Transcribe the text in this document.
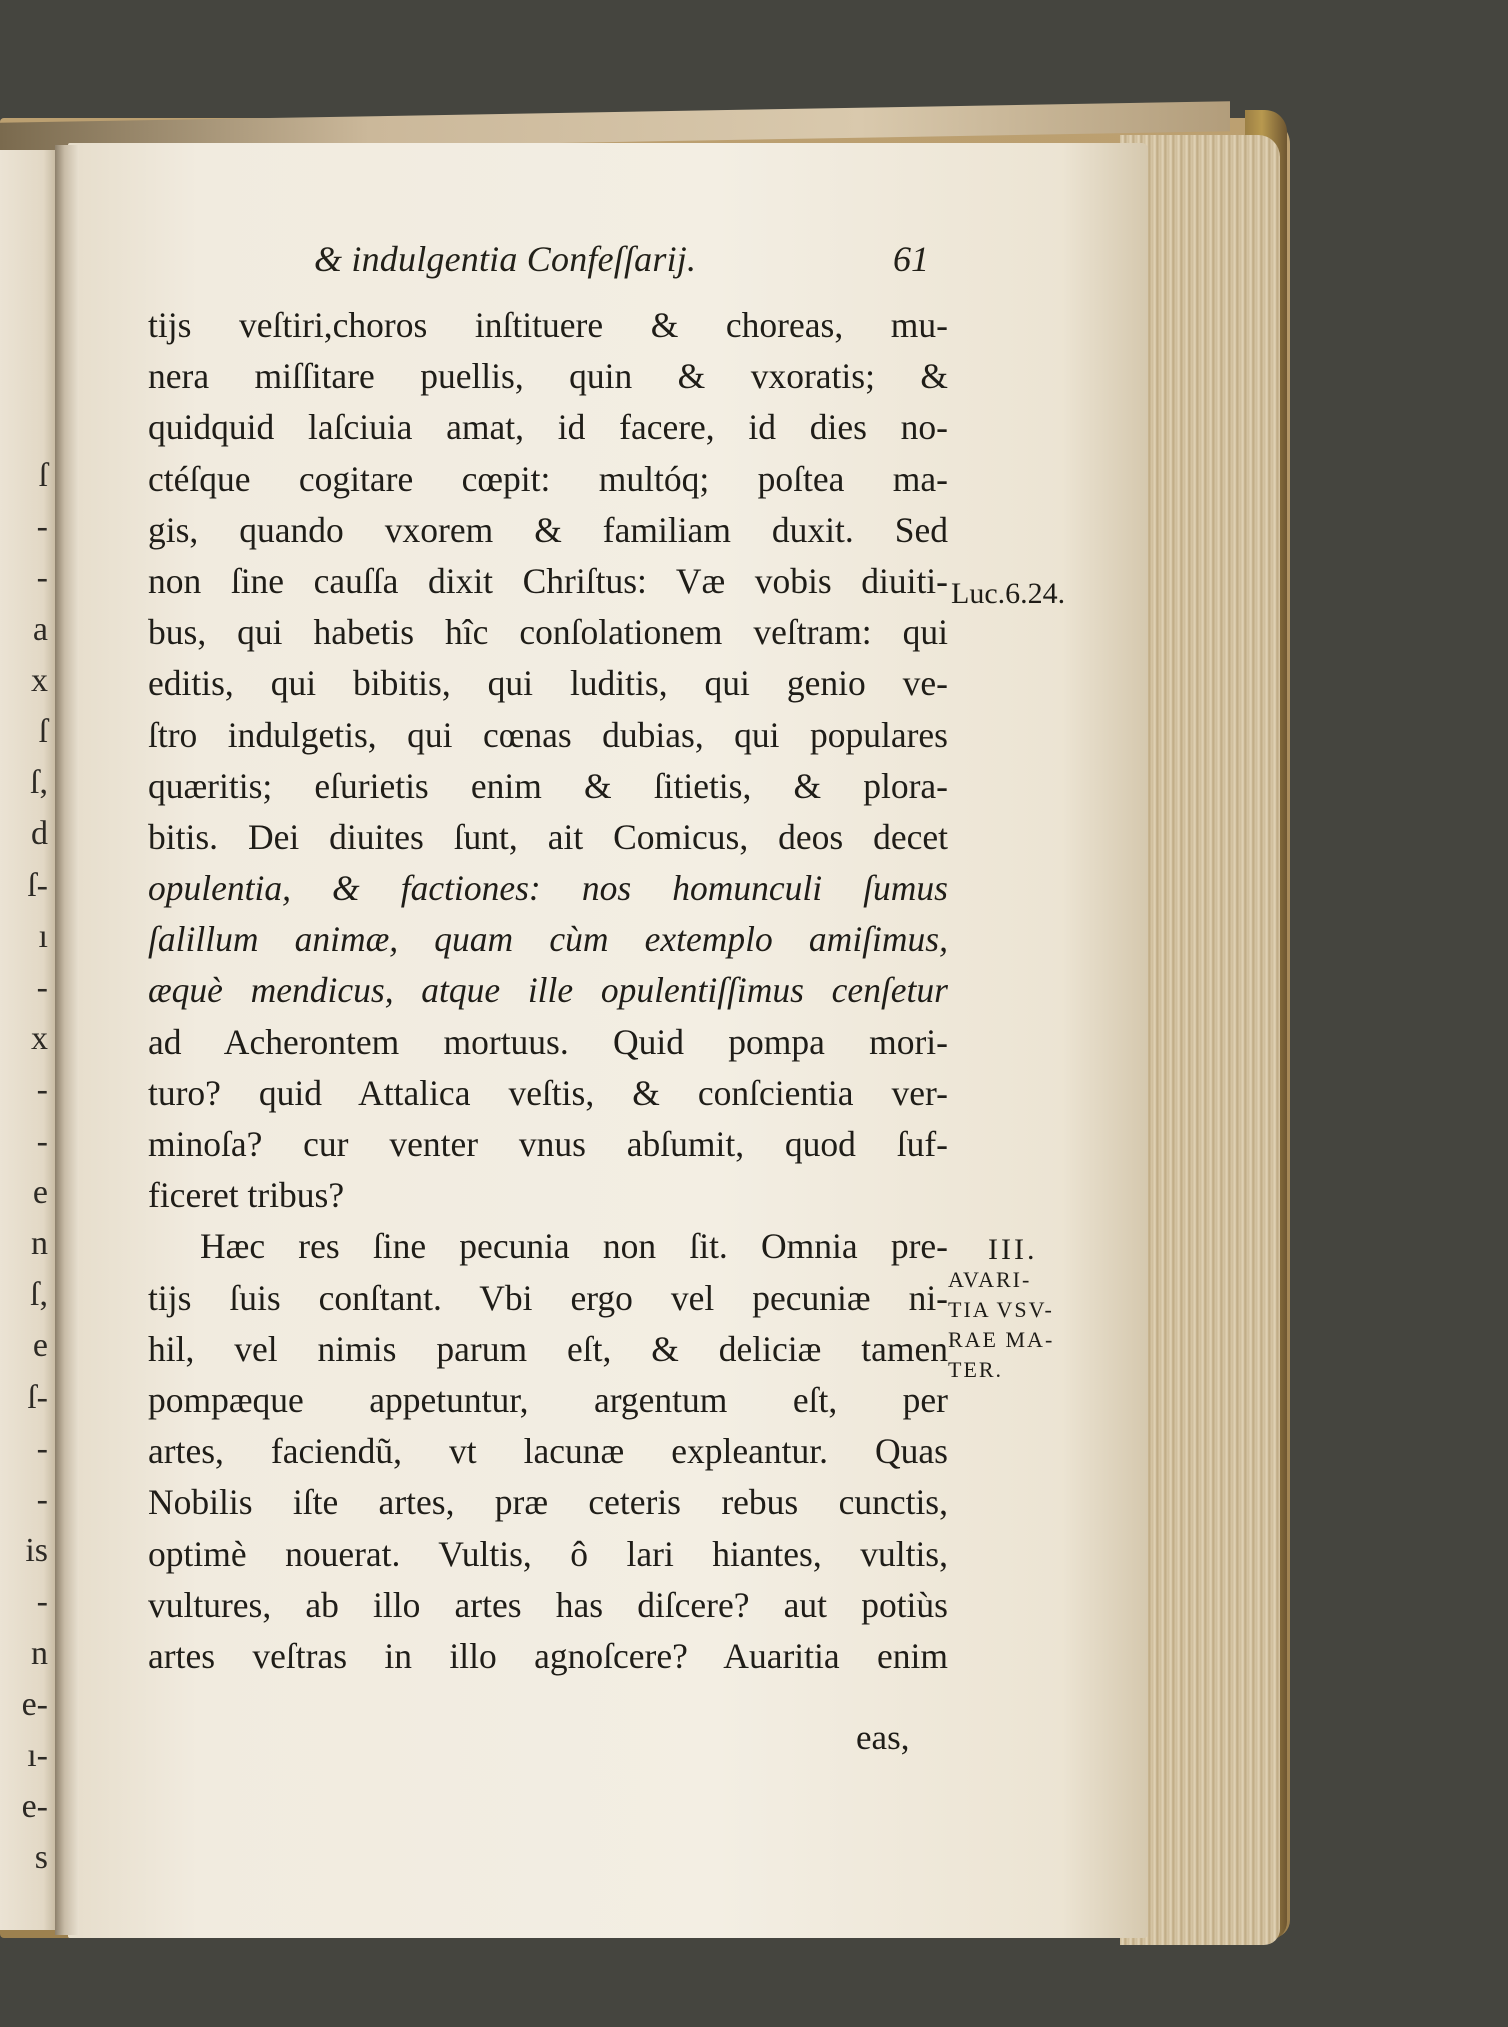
ſ
-
-
a
x
ſ
ſ,
d
ſ-
ı
-
x
-
-
e
n
ſ,
e
ſ-
-
-
is
-
n
e-
ı-
e-
s
& indulgentia Confeſſarij.	61
tijs veſtiri,choros inſtituere & choreas, mu-
nera miſſitare puellis, quin & vxoratis; &
quidquid laſciuia amat, id facere, id dies no-
ctéſque cogitare cœpit: multóq; poſtea ma-
gis, quando vxorem & familiam duxit. Sed
non ſine cauſſa dixit Chriſtus: Væ vobis diuiti-
bus, qui habetis hîc conſolationem veſtram: qui
editis, qui bibitis, qui luditis, qui genio ve-
ſtro indulgetis, qui cœnas dubias, qui populares
quæritis; eſurietis enim & ſitietis, & plora-
bitis. Dei diuites ſunt, ait Comicus, deos decet
opulentia, & factiones: nos homunculi ſumus
ſalillum animæ, quam cùm extemplo amiſimus,
æquè mendicus, atque ille opulentiſſimus cenſetur
ad Acherontem mortuus. Quid pompa mori-
turo? quid Attalica veſtis, & conſcientia ver-
minoſa? cur venter vnus abſumit, quod ſuf-
ficeret tribus?
Hæc res ſine pecunia non ſit. Omnia pre-
tijs ſuis conſtant. Vbi ergo vel pecuniæ ni-
hil, vel nimis parum eſt, & deliciæ tamen
pompæque appetuntur, argentum eſt, per
artes, faciendũ, vt lacunæ expleantur. Quas
Nobilis iſte artes, præ ceteris rebus cunctis,
optimè nouerat. Vultis, ô lari hiantes, vultis,
vultures, ab illo artes has diſcere? aut potiùs
artes veſtras in illo agnoſcere? Auaritia enim
eas,
Luc.6.24.
III.
AVARI-
TIA VSV-
RAE MA-
TER.
